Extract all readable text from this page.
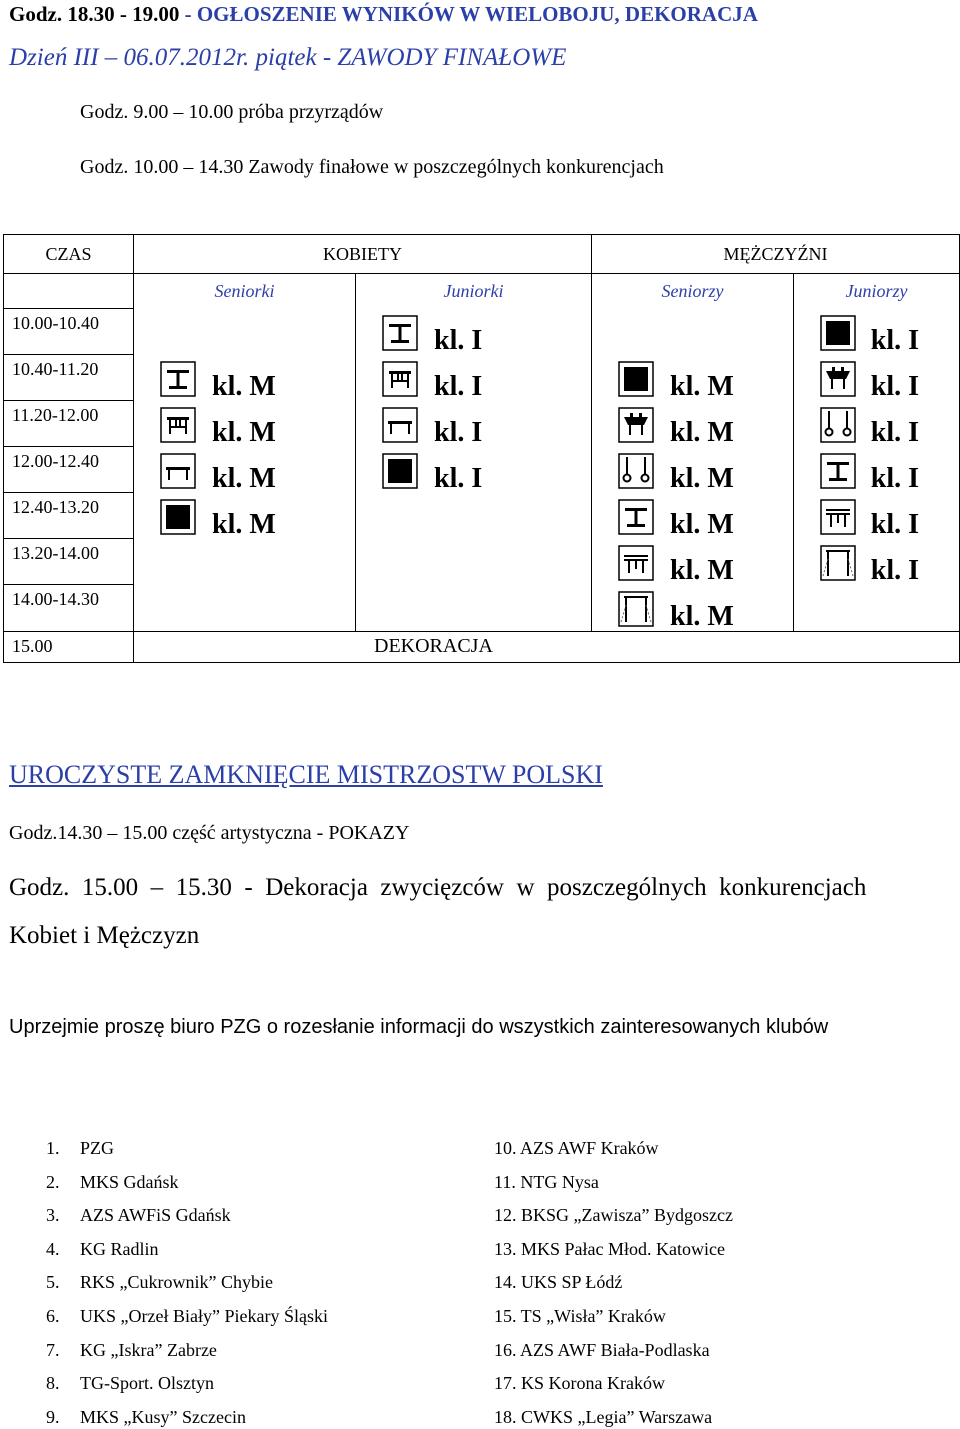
Godz. 18.30 - 19.00 - OGŁOSZENIE WYNIKÓW W WIELOBOJU, DEKORACJA
Dzień III – 06.07.2012r. piątek - ZAWODY FINAŁOWE
Godz. 9.00 – 10.00 próba przyrządów
Godz. 10.00 – 14.30 Zawody finałowe w poszczególnych konkurencjach
CZAS	KOBIETY		MĘŻCZYŹNI	
	Seniorki	Juniorki	Seniorzy	Juniorzy

10.00-10.40		kl. I		kl. I

10.40-11.20	kl. M	kl. I	kl. M	kl. I

11.20-12.00	kl. M	kl. I	kl. M	kl. I

12.00-12.40	kl. M	kl. I	kl. M	kl. I

12.40-13.20	kl. M		kl. M	kl. I

13.20-14.00			kl. M	kl. I

14.00-14.30			kl. M	

15.00	DEKORACJA			
UROCZYSTE ZAMKNIĘCIE MISTRZOSTW POLSKI
Godz.14.30 – 15.00 część artystyczna - POKAZY
Godz.  15.00  –  15.30  -  Dekoracja  zwycięzców  w  poszczególnych  konkurencjach
Kobiet i Mężczyzn
Uprzejmie proszę biuro PZG o rozesłanie informacji do wszystkich zainteresowanych klubów
1. PZG
2. MKS Gdańsk
3. AZS AWFiS Gdańsk
4. KG Radlin
5. RKS „Cukrownik” Chybie
6. UKS „Orzeł Biały” Piekary Śląski
7. KG „Iskra” Zabrze
8. TG-Sport. Olsztyn
9. MKS „Kusy” Szczecin
10. AZS AWF Kraków
11. NTG Nysa
12. BKSG „Zawisza” Bydgoszcz
13. MKS Pałac Młod. Katowice
14. UKS SP Łódź
15. TS „Wisła” Kraków
16. AZS AWF Biała-Podlaska
17. KS Korona Kraków
18. CWKS „Legia” Warszawa
